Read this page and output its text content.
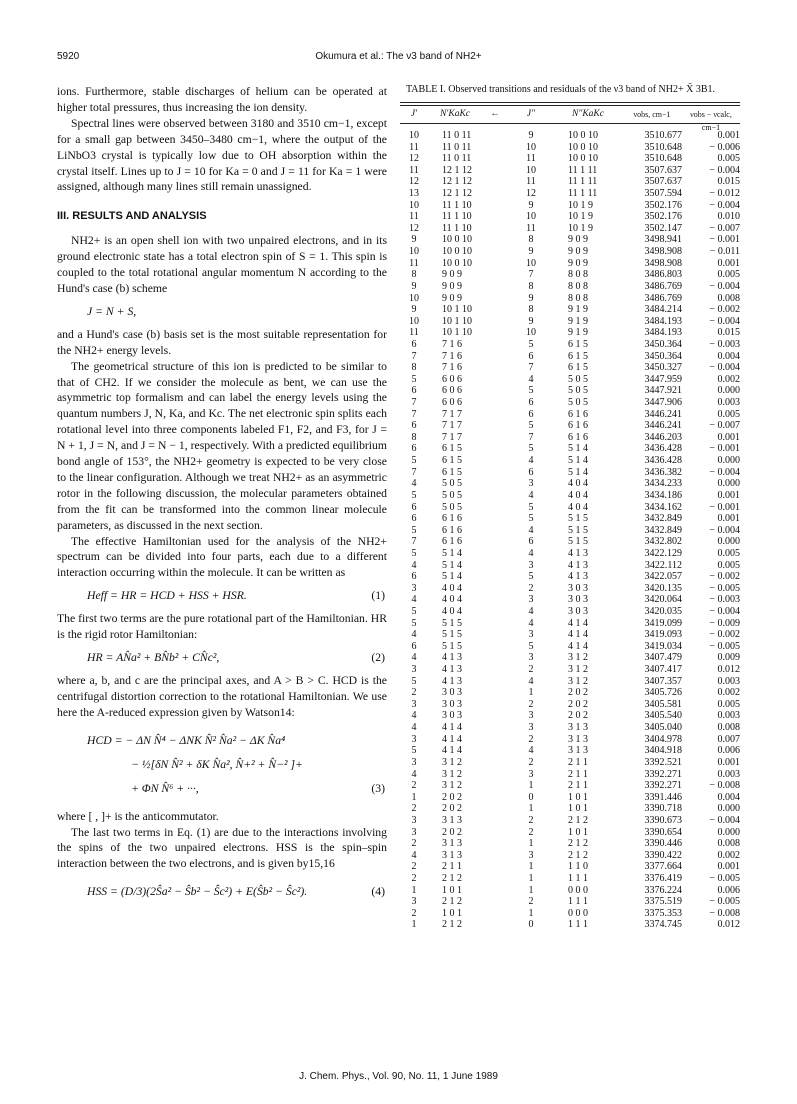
5920	Okumura et al.: The ν3 band of NH2+

ions. Furthermore, stable discharges of helium can be operated at higher total pressures, thus increasing the ion density.

Spectral lines were observed between 3180 and 3510 cm−1, except for a small gap between 3450–3480 cm−1, where the output of the LiNbO3 crystal is typically low due to OH absorption within the crystal itself. Lines up to J = 10 for Ka = 0 and J = 11 for Ka = 1 were assigned, although many lines still remain unassigned.

III. RESULTS AND ANALYSIS

NH2+ is an open shell ion with two unpaired electrons, and in its ground electronic state has a total electron spin of S = 1. This spin is coupled to the total rotational angular momentum N according to the Hund's case (b) scheme

J = N + S,

and a Hund's case (b) basis set is the most suitable representation for the NH2+ energy levels.

The geometrical structure of this ion is predicted to be similar to that of CH2. If we consider the molecule as bent, we can use the asymmetric top formalism and can label the energy levels using the quantum numbers J, N, Ka, and Kc. The net electronic spin splits each rotational level into three components labeled F1, F2, and F3, for J = N + 1, J = N, and J = N − 1, respectively. With a predicted equilibrium bond angle of 153°, the NH2+ geometry is expected to be very close to the linear configuration. Although we treat NH2+ as an asymmetric rotor in the following discussion, the molecular parameters obtained from the fit can be transformed into the common linear molecule parameters, as discussed in the next section.

The effective Hamiltonian used for the analysis of the NH2+ spectrum can be divided into four parts, each due to a different interaction occurring within the molecule. It can be written as

Heff = HR = HCD + HSS + HSR.	(1)

The first two terms are the pure rotational part of the Hamiltonian. HR is the rigid rotor Hamiltonian:

HR = AN̂a² + BN̂b² + CN̂c²,	(2)

where a, b, and c are the principal axes, and A > B > C. HCD is the centrifugal distortion correction to the rotational Hamiltonian. We use here the A-reduced expression given by Watson14:

HCD = − ΔN N̂⁴ − ΔNK N̂² N̂a² − ΔK N̂a⁴
− ½[δN N̂² + δK N̂a², N̂+² + N̂−² ]+
+ ΦN N̂⁶ + ···,	(3)

where [ , ]+ is the anticommutator.

The last two terms in Eq. (1) are due to the interactions involving the spins of the two unpaired electrons. HSS is the spin–spin interaction between the two electrons, and is given by15,16

HSS = (D/3)(2Ŝa² − Ŝb² − Ŝc²) + E(Ŝb² − Ŝc²).	(4)
TABLE I. Observed transitions and residuals of the ν3 band of NH2+ X̃ 3B1.
J′	N′KaKc	←	J″	N″KaKc	νobs, cm−1	νobs − νcalc, cm−1
10	11 0 11	9	10 0 10	3510.677	0.001
11	11 0 11	10	10 0 10	3510.648	− 0.006
12	11 0 11	11	10 0 10	3510.648	0.005
11	12 1 12	10	11 1 11	3507.637	− 0.004
12	12 1 12	11	11 1 11	3507.637	0.015
13	12 1 12	12	11 1 11	3507.594	− 0.012
10	11 1 10	9	10 1 9	3502.176	− 0.004
11	11 1 10	10	10 1 9	3502.176	0.010
12	11 1 10	11	10 1 9	3502.147	− 0.007
9	10 0 10	8	9 0 9	3498.941	− 0.001
10	10 0 10	9	9 0 9	3498.908	− 0.011
11	10 0 10	10	9 0 9	3498.908	0.001
8	9 0 9	7	8 0 8	3486.803	0.005
9	9 0 9	8	8 0 8	3486.769	− 0.004
10	9 0 9	9	8 0 8	3486.769	0.008
9	10 1 10	8	9 1 9	3484.214	− 0.002
10	10 1 10	9	9 1 9	3484.193	− 0.004
11	10 1 10	10	9 1 9	3484.193	0.015
6	7 1 6	5	6 1 5	3450.364	− 0.003
7	7 1 6	6	6 1 5	3450.364	0.004
8	7 1 6	7	6 1 5	3450.327	− 0.004
5	6 0 6	4	5 0 5	3447.959	0.002
6	6 0 6	5	5 0 5	3447.921	0.000
7	6 0 6	6	5 0 5	3447.906	0.003
7	7 1 7	6	6 1 6	3446.241	0.005
6	7 1 7	5	6 1 6	3446.241	− 0.007
8	7 1 7	7	6 1 6	3446.203	0.001
6	6 1 5	5	5 1 4	3436.428	− 0.001
5	6 1 5	4	5 1 4	3436.428	0.000
7	6 1 5	6	5 1 4	3436.382	− 0.004
4	5 0 5	3	4 0 4	3434.233	0.000
5	5 0 5	4	4 0 4	3434.186	0.001
6	5 0 5	5	4 0 4	3434.162	− 0.001
6	6 1 6	5	5 1 5	3432.849	0.001
5	6 1 6	4	5 1 5	3432.849	− 0.004
7	6 1 6	6	5 1 5	3432.802	0.000
5	5 1 4	4	4 1 3	3422.129	0.005
4	5 1 4	3	4 1 3	3422.112	0.005
6	5 1 4	5	4 1 3	3422.057	− 0.002
3	4 0 4	2	3 0 3	3420.135	− 0.005
4	4 0 4	3	3 0 3	3420.064	− 0.003
5	4 0 4	4	3 0 3	3420.035	− 0.004
5	5 1 5	4	4 1 4	3419.099	− 0.009
4	5 1 5	3	4 1 4	3419.093	− 0.002
6	5 1 5	5	4 1 4	3419.034	− 0.005
4	4 1 3	3	3 1 2	3407.479	0.009
3	4 1 3	2	3 1 2	3407.417	0.012
5	4 1 3	4	3 1 2	3407.357	0.003
2	3 0 3	1	2 0 2	3405.726	0.002
3	3 0 3	2	2 0 2	3405.581	0.005
4	3 0 3	3	2 0 2	3405.540	0.003
4	4 1 4	3	3 1 3	3405.040	0.008
3	4 1 4	2	3 1 3	3404.978	0.007
5	4 1 4	4	3 1 3	3404.918	0.006
3	3 1 2	2	2 1 1	3392.521	0.001
4	3 1 2	3	2 1 1	3392.271	0.003
2	3 1 2	1	2 1 1	3392.271	− 0.008
1	2 0 2	0	1 0 1	3391.446	0.004
2	2 0 2	1	1 0 1	3390.718	0.000
3	3 1 3	2	2 1 2	3390.673	− 0.004
3	2 0 2	2	1 0 1	3390.654	0.000
2	3 1 3	1	2 1 2	3390.446	0.008
4	3 1 3	3	2 1 2	3390.422	0.002
2	2 1 1	1	1 1 0	3377.664	0.001
2	2 1 2	1	1 1 1	3376.419	− 0.005
1	1 0 1	1	0 0 0	3376.224	0.006
3	2 1 2	2	1 1 1	3375.519	− 0.005
2	1 0 1	1	0 0 0	3375.353	− 0.008
1	2 1 2	0	1 1 1	3374.745	0.012
J. Chem. Phys., Vol. 90, No. 11, 1 June 1989
